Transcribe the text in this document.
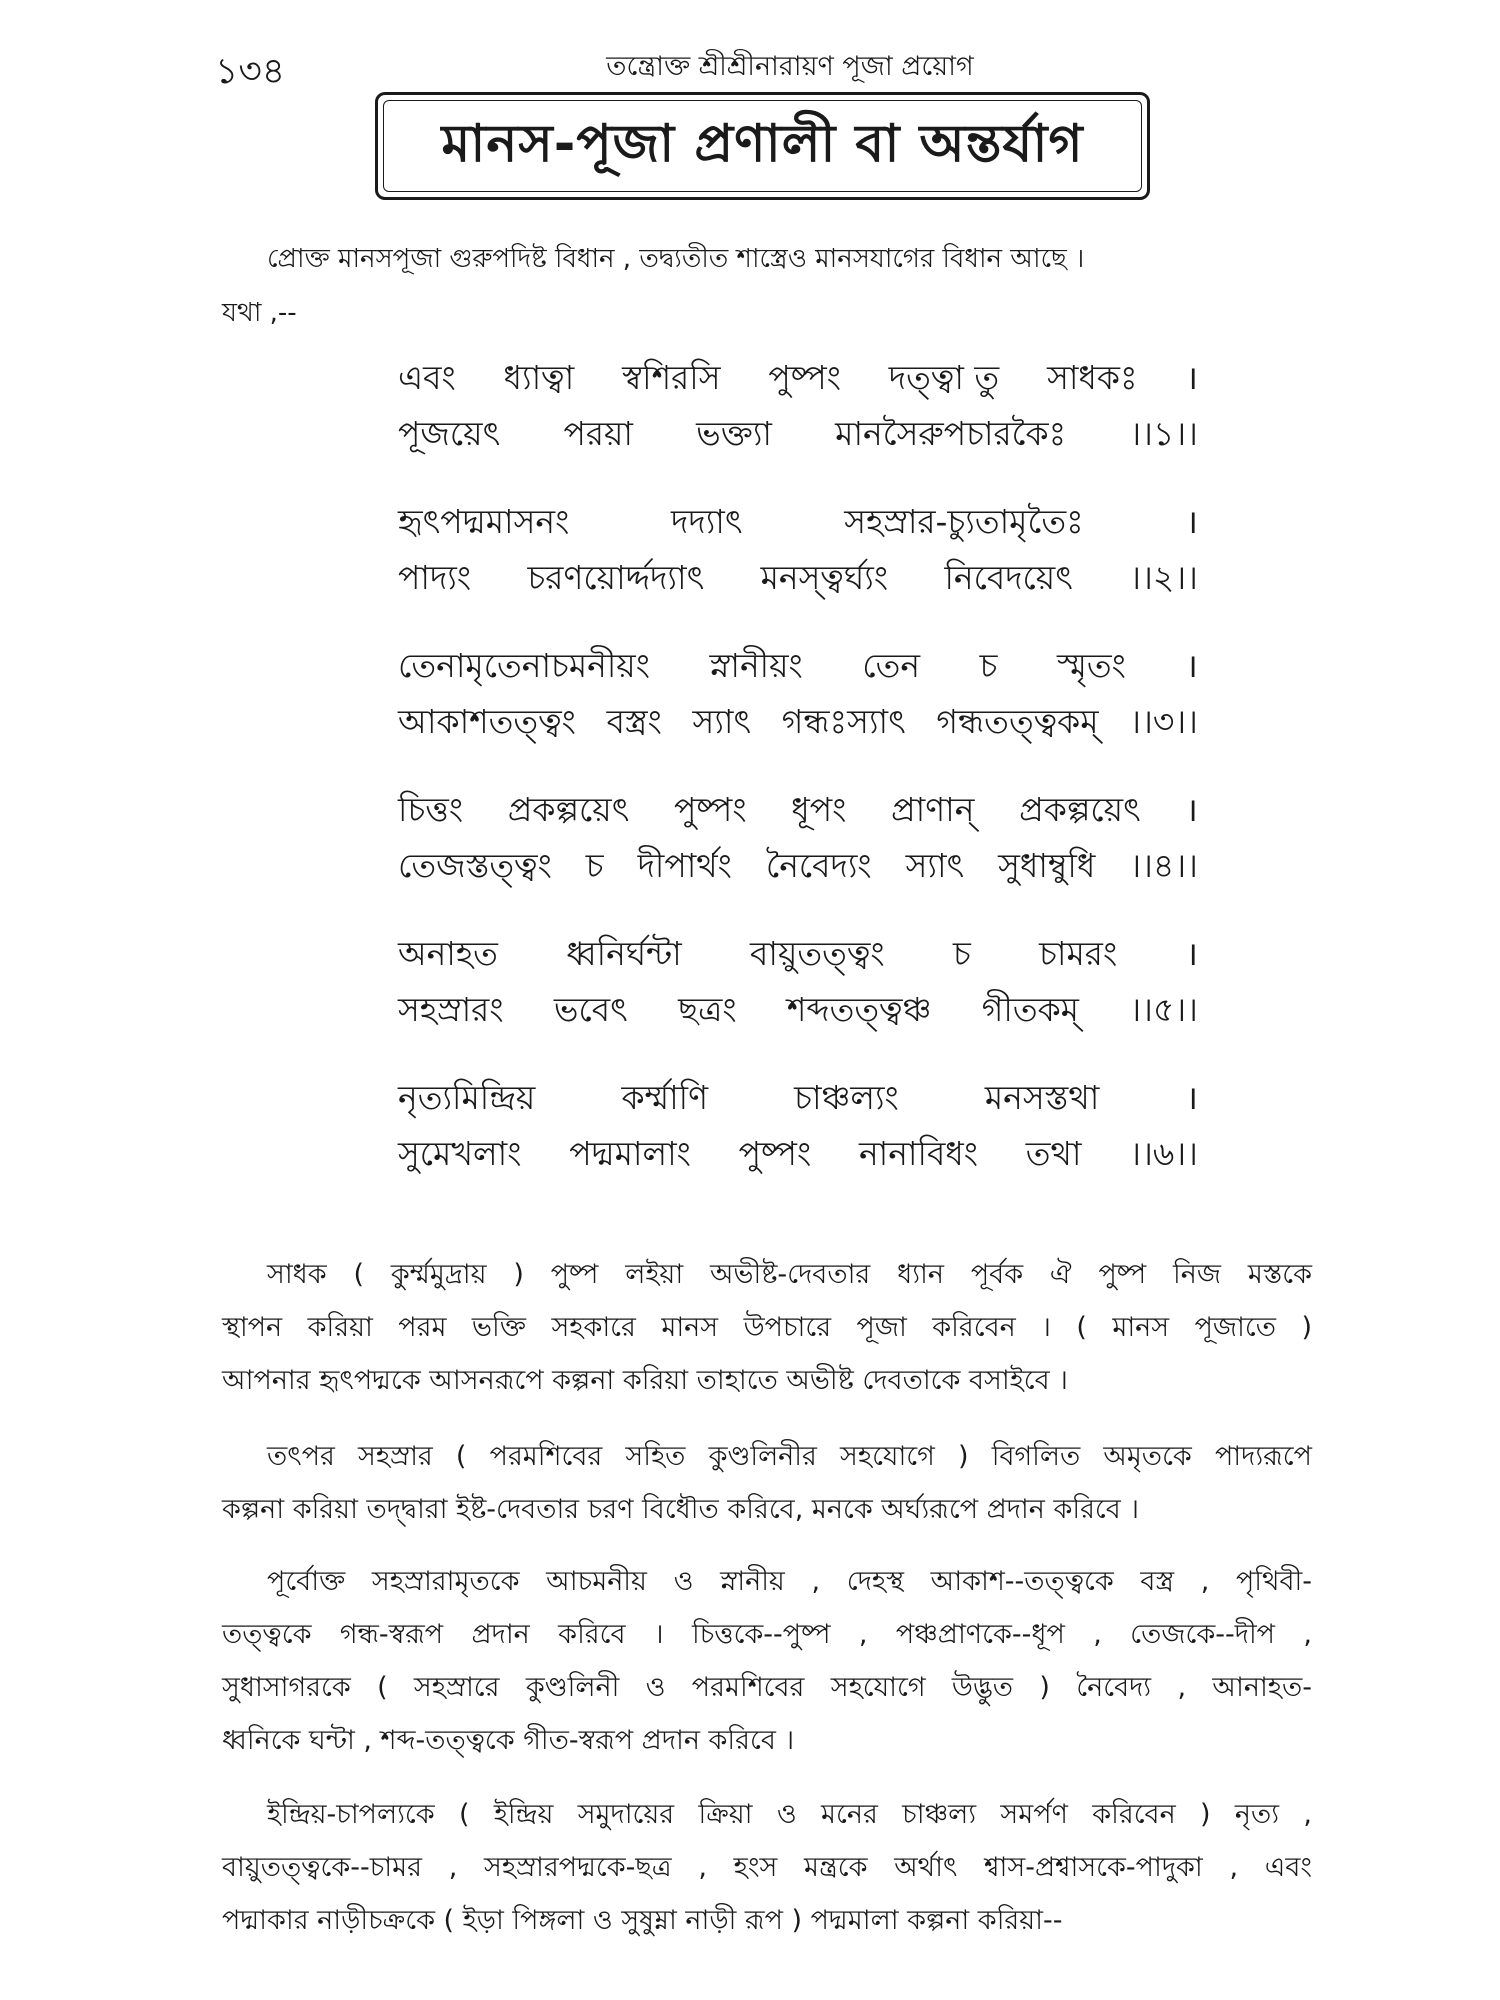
১৩৪	তন্ত্রোক্ত শ্রীশ্রীনারায়ণ পূজা প্রয়োগ
মানস-পূজা প্রণালী বা অন্তর্যাগ
প্রোক্ত মানসপূজা গুরুপদিষ্ট বিধান , তদ্ব্যতীত শাস্ত্রেও মানসযাগের বিধান আছে ।
যথা ,--
এবং ধ্যাত্বা স্বশিরসি পুষ্পং দত্ত্বা তু সাধকঃ ।
পূজয়েৎ পরয়া ভক্ত্যা মানসৈরুপচারকৈঃ ।।১।।
হৃৎপদ্মমাসনং	দদ্যাৎ	সহস্রার-চ্যুতামৃতৈঃ	।
পাদ্যং চরণয়োর্দ্দদ্যাৎ মনস্ত্বর্ঘ্যং নিবেদয়েৎ ।।২।।
তেনামৃতেনাচমনীয়ং স্নানীয়ং তেন চ স্মৃতং ।
আকাশতত্ত্বং বস্ত্রং স্যাৎ গন্ধঃস্যাৎ গন্ধতত্ত্বকম্ ।।৩।।
চিত্তং প্রকল্পয়েৎ পুষ্পং ধূপং প্রাণান্ প্রকল্পয়েৎ ।
তেজস্তত্ত্বং চ দীপার্থং নৈবেদ্যং স্যাৎ সুধাম্বুধি ।।৪।।
অনাহত ধ্বনির্ঘন্টা বায়ুতত্ত্বং চ চামরং ।
সহস্রারং ভবেৎ ছত্রং শব্দতত্ত্বঞ্চ গীতকম্ ।।৫।।
নৃত্যমিন্দ্রিয়	কর্ম্মাণি	চাঞ্চল্যং	মনসস্তথা	।
সুমেখলাং পদ্মমালাং পুষ্পং নানাবিধং তথা ।।৬।।
সাধক ( কুর্ম্মমুদ্রায় ) পুষ্প লইয়া অভীষ্ট-দেবতার ধ্যান পূর্বক ঐ পুষ্প নিজ মস্তকে
স্থাপন করিয়া পরম ভক্তি সহকারে মানস উপচারে পূজা করিবেন । ( মানস পূজাতে )
আপনার হৃৎপদ্মকে আসনরূপে কল্পনা করিয়া তাহাতে অভীষ্ট দেবতাকে বসাইবে ।
তৎপর সহস্রার ( পরমশিবের সহিত কুণ্ডলিনীর সহযোগে ) বিগলিত অমৃতকে পাদ্যরূপে
কল্পনা করিয়া তদ্দ্বারা ইষ্ট-দেবতার চরণ বিধৌত করিবে, মনকে অর্ঘ্যরূপে প্রদান করিবে ।
পূর্বোক্ত সহস্রারামৃতকে আচমনীয় ও স্নানীয় , দেহস্থ আকাশ--তত্ত্বকে বস্ত্র , পৃথিবী-
তত্ত্বকে গন্ধ-স্বরূপ প্রদান করিবে । চিত্তকে--পুষ্প , পঞ্চপ্রাণকে--ধূপ , তেজকে--দীপ ,
সুধাসাগরকে ( সহস্রারে কুণ্ডলিনী ও পরমশিবের সহযোগে উদ্ভুত ) নৈবেদ্য , আনাহত-
ধ্বনিকে ঘন্টা , শব্দ-তত্ত্বকে গীত-স্বরূপ প্রদান করিবে ।
ইন্দ্রিয়-চাপল্যকে ( ইন্দ্রিয় সমুদায়ের ক্রিয়া ও মনের চাঞ্চল্য সমর্পণ করিবেন ) নৃত্য ,
বায়ুতত্ত্বকে--চামর , সহস্রারপদ্মকে-ছত্র , হংস মন্ত্রকে অর্থাৎ শ্বাস-প্রশ্বাসকে-পাদুকা , এবং
পদ্মাকার নাড়ীচক্রকে ( ইড়া পিঙ্গলা ও সুষুম্না নাড়ী রূপ ) পদ্মমালা কল্পনা করিয়া--
